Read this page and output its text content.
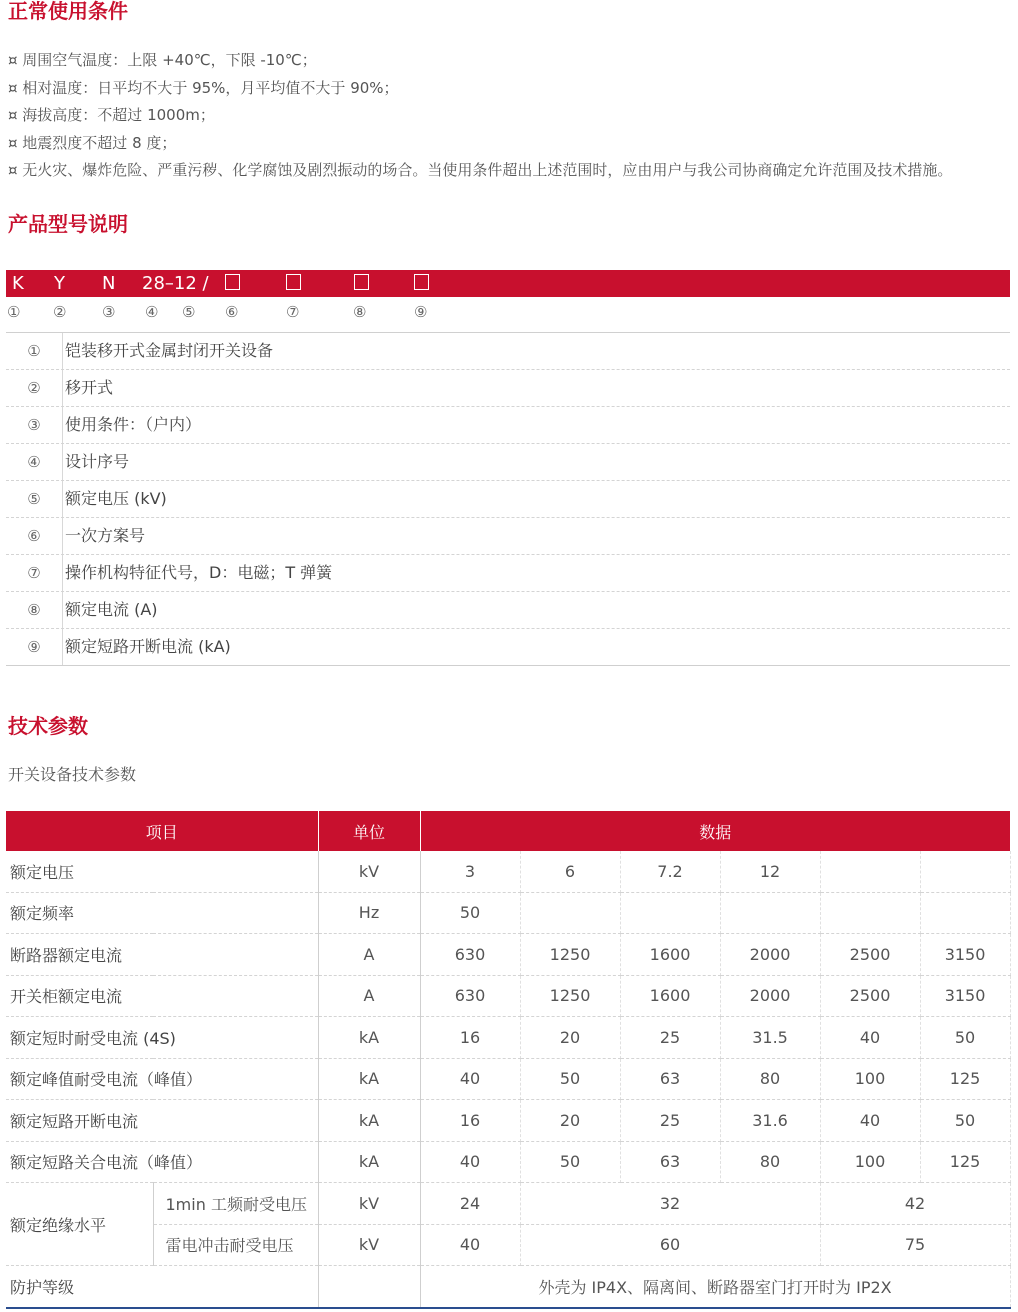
正常使用条件
¤ 周围空气温度：上限 +40℃，下限 -10℃；
¤ 相对温度：日平均不大于 95%，月平均值不大于 90%；
¤ 海拔高度：不超过 1000m；
¤ 地震烈度不超过 8 度；
¤ 无火灾、爆炸危险、严重污秽、化学腐蚀及剧烈振动的场合。当使用条件超出上述范围时，应由用户与我公司协商确定允许范围及技术措施。
产品型号说明
K Y N 28–12 /
① ② ③ ④ ⑤ ⑥	⑦	⑧	⑨
①	铠装移开式金属封闭开关设备
②	移开式
③	使用条件：（户内）
④	设计序号
⑤	额定电压 (kV)
⑥	一次方案号
⑦	操作机构特征代号，D：电磁；T 弹簧
⑧	额定电流 (A)
⑨	额定短路开断电流 (kA)
技术参数
开关设备技术参数
项目		单位	数据					
额定电压		kV	3	6	7.2	12		
额定频率		Hz	50					
断路器额定电流		A	630	1250	1600	2000	2500	3150
开关柜额定电流		A	630	1250	1600	2000	2500	3150
额定短时耐受电流 (4S)		kA	16	20	25	31.5	40	50
额定峰值耐受电流（峰值）		kA	40	50	63	80	100	125
额定短路开断电流		kA	16	20	25	31.6	40	50
额定短路关合电流（峰值）		kA	40	50	63	80	100	125
额定绝缘水平	1min 工频耐受电压	kV	24	32			42	
	雷电冲击耐受电压	kV	40	60			75	
防护等级			外壳为 IP4X、隔离间、断路器室门打开时为 IP2X					
